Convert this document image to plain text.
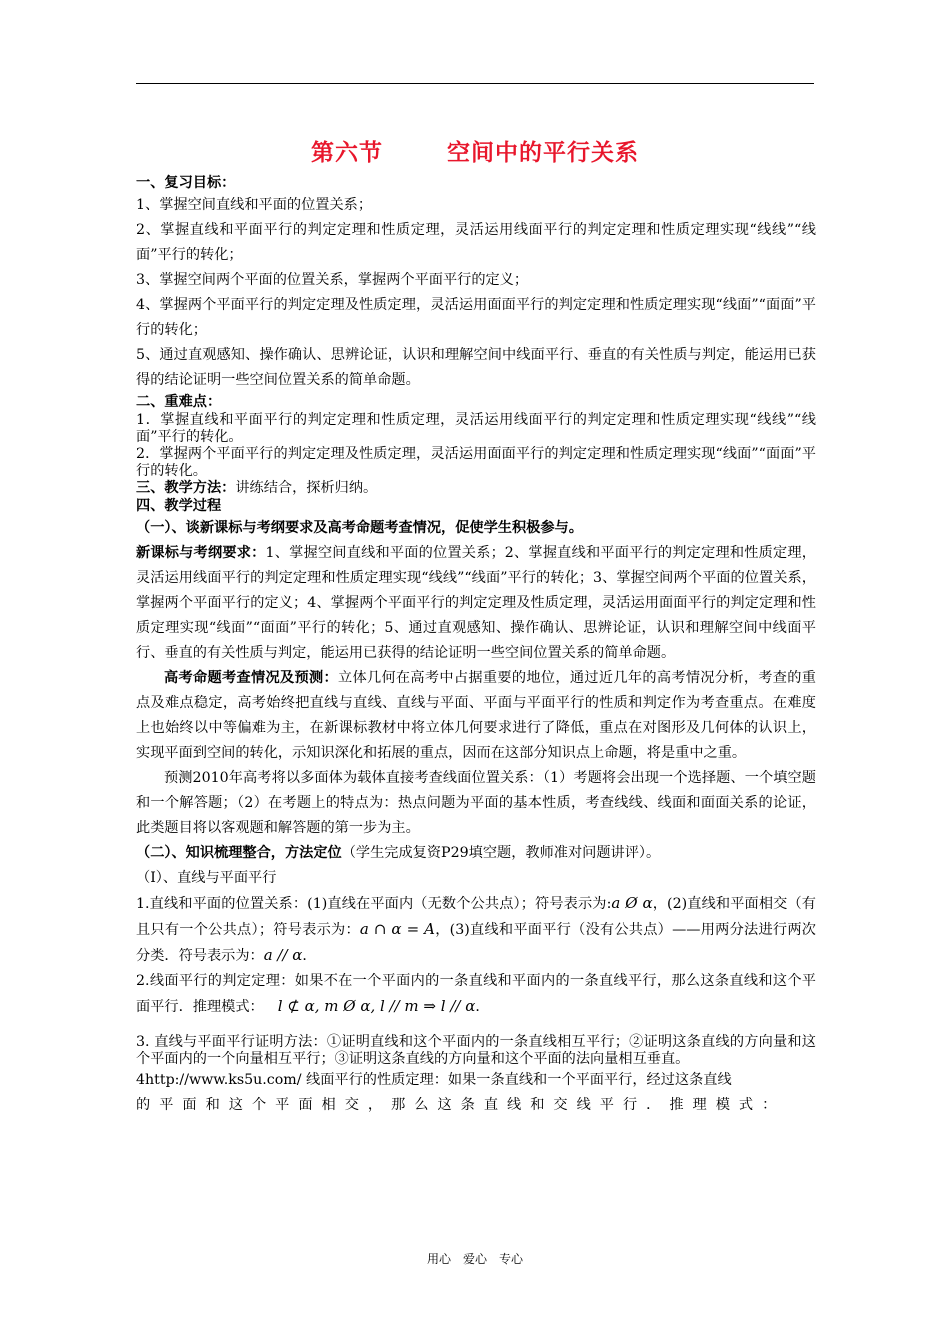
第六节	空间中的平行关系

一、复习目标：

1、掌握空间直线和平面的位置关系；

2、掌握直线和平面平行的判定定理和性质定理，灵活运用线面平行的判定定理和性质定理实现“线线”“线面”平行的转化；

3、掌握空间两个平面的位置关系，掌握两个平面平行的定义；

4、掌握两个平面平行的判定定理及性质定理，灵活运用面面平行的判定定理和性质定理实现“线面”“面面”平行的转化；

5、通过直观感知、操作确认、思辨论证，认识和理解空间中线面平行、垂直的有关性质与判定，能运用已获得的结论证明一些空间位置关系的简单命题。

二、重难点：

1．掌握直线和平面平行的判定定理和性质定理，灵活运用线面平行的判定定理和性质定理实现“线线”“线面”平行的转化。

2．掌握两个平面平行的判定定理及性质定理，灵活运用面面平行的判定定理和性质定理实现“线面”“面面”平行的转化。

三、教学方法：讲练结合，探析归纳。

四、教学过程

（一）、谈新课标与考纲要求及高考命题考查情况，促使学生积极参与。

新课标与考纲要求：1、掌握空间直线和平面的位置关系；2、掌握直线和平面平行的判定定理和性质定理，灵活运用线面平行的判定定理和性质定理实现“线线”“线面”平行的转化；3、掌握空间两个平面的位置关系，掌握两个平面平行的定义；4、掌握两个平面平行的判定定理及性质定理，灵活运用面面平行的判定定理和性质定理实现“线面”“面面”平行的转化；5、通过直观感知、操作确认、思辨论证，认识和理解空间中线面平行、垂直的有关性质与判定，能运用已获得的结论证明一些空间位置关系的简单命题。

高考命题考查情况及预测：立体几何在高考中占据重要的地位，通过近几年的高考情况分析，考查的重点及难点稳定，高考始终把直线与直线、直线与平面、平面与平面平行的性质和判定作为考查重点。在难度上也始终以中等偏难为主，在新课标教材中将立体几何要求进行了降低，重点在对图形及几何体的认识上，实现平面到空间的转化，示知识深化和拓展的重点，因而在这部分知识点上命题，将是重中之重。

预测2010年高考将以多面体为载体直接考查线面位置关系：（1）考题将会出现一个选择题、一个填空题和一个解答题；（2）在考题上的特点为：热点问题为平面的基本性质，考查线线、线面和面面关系的论证，此类题目将以客观题和解答题的第一步为主。

（二）、知识梳理整合，方法定位（学生完成复资P29填空题，教师准对问题讲评）。

（Ⅰ）、直线与平面平行

1.直线和平面的位置关系：(1)直线在平面内（无数个公共点）；符号表示为:a Ø α，(2)直线和平面相交（有且只有一个公共点）；符号表示为：a ∩ α = A，(3)直线和平面平行（没有公共点）——用两分法进行两次分类．符号表示为：a // α．

2.线面平行的判定定理：如果不在一个平面内的一条直线和平面内的一条直线平行，那么这条直线和这个平面平行．推理模式： l ⊄ α, m Ø α, l // m ⇒ l // α．

3. 直线与平面平行证明方法：①证明直线和这个平面内的一条直线相互平行；②证明这条直线的方向量和这个平面内的一个向量相互平行；③证明这条直线的方向量和这个平面的法向量相互垂直。

4http://www.ks5u.com/ 线面平行的性质定理：如果一条直线和一个平面平行，经过这条直线

的平面和这个平面相交，那么这条直线和交线平行．推理模式：

用心 爱心 专心
